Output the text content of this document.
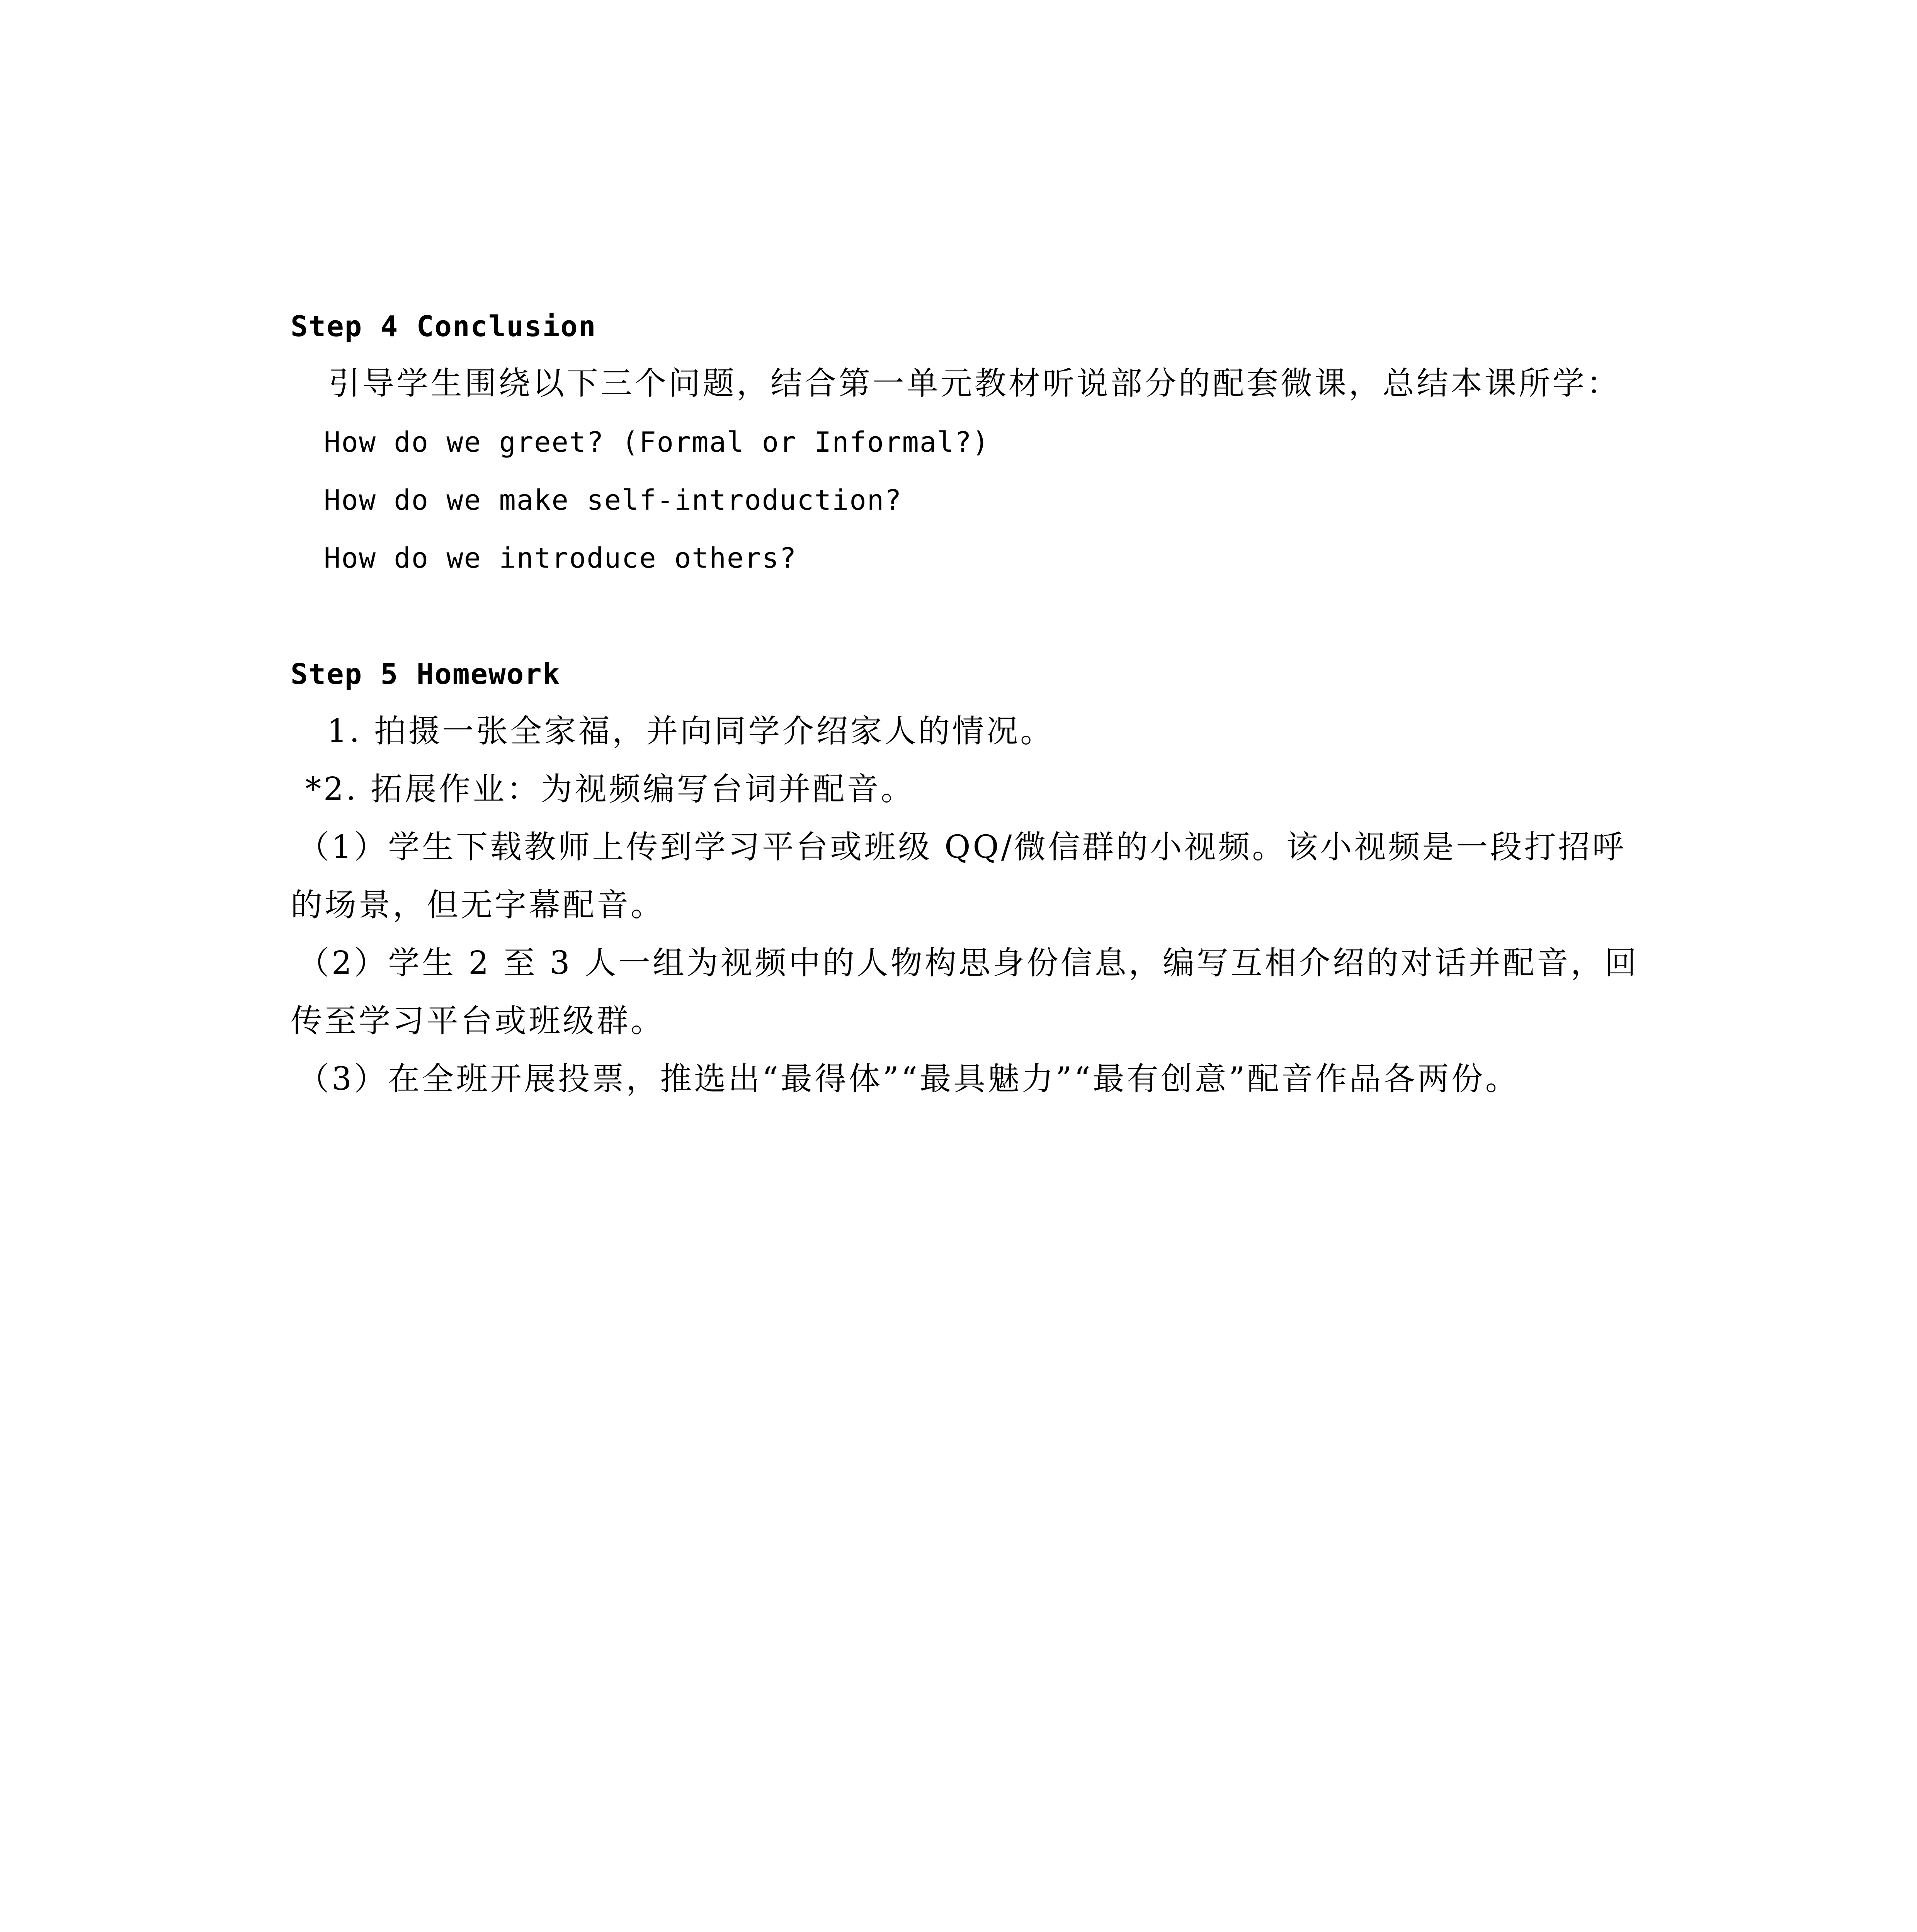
Step 4 Conclusion
引导学生围绕以下三个问题，结合第一单元教材听说部分的配套微课，总结本课所学：
How do we greet? (Formal or Informal?)
How do we make self-introduction?
How do we introduce others?
Step 5 Homework
1. 拍摄一张全家福，并向同学介绍家人的情况。
*2. 拓展作业：为视频编写台词并配音。
（1）学生下载教师上传到学习平台或班级 QQ/微信群的小视频。该小视频是一段打招呼
的场景，但无字幕配音。
（2）学生 2 至 3 人一组为视频中的人物构思身份信息，编写互相介绍的对话并配音，回
传至学习平台或班级群。
（3）在全班开展投票，推选出“最得体”“最具魅力”“最有创意”配音作品各两份。
